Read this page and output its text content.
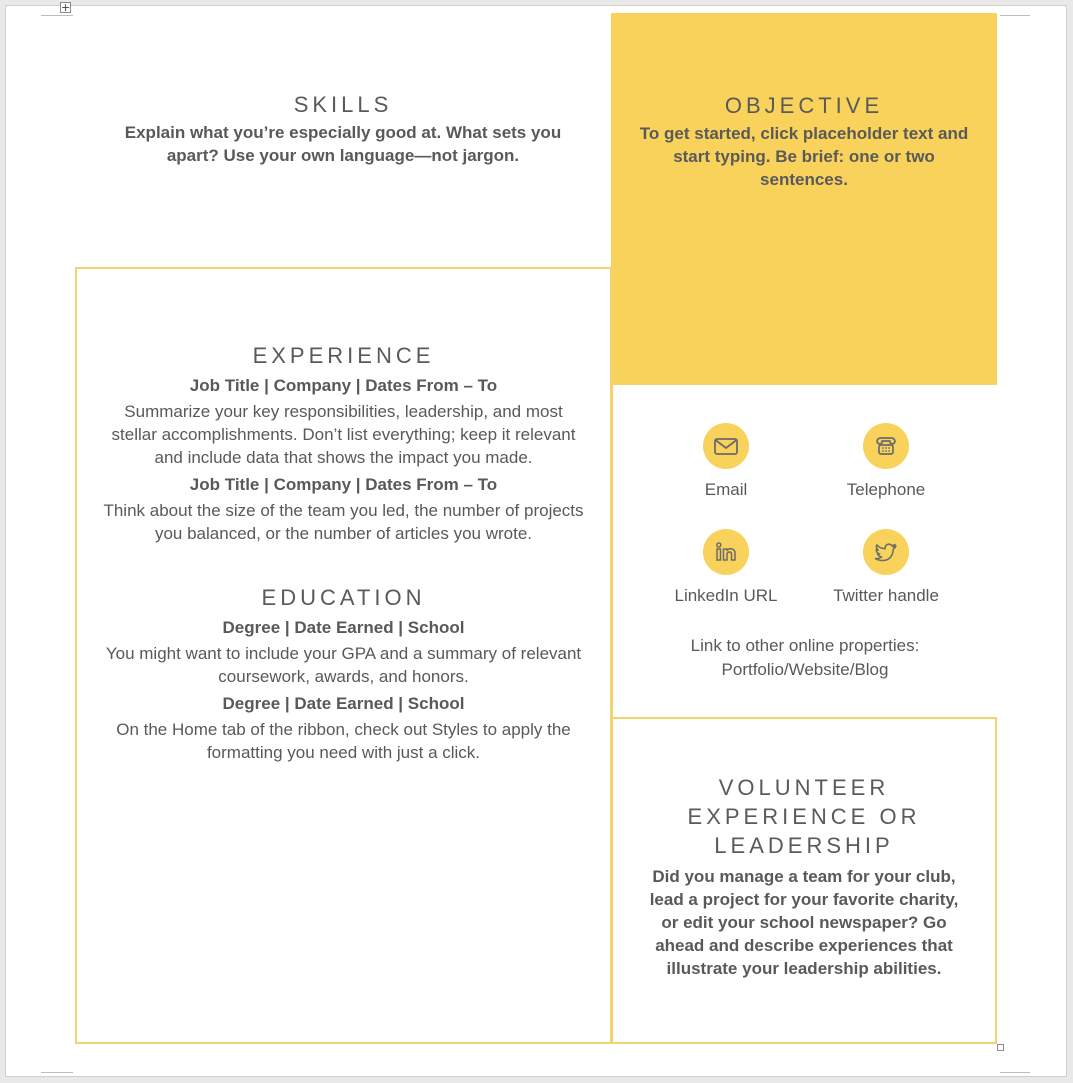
+
SKILLS

Explain what you’re especially good at. What sets you apart? Use your own language—not jargon.

OBJECTIVE

To get started, click placeholder text and start typing. Be brief: one or two sentences.

EXPERIENCE

Job Title | Company | Dates From – To

Summarize your key responsibilities, leadership, and most stellar accomplishments. Don’t list everything; keep it relevant and include data that shows the impact you made.

Job Title | Company | Dates From – To

Think about the size of the team you led, the number of projects you balanced, or the number of articles you wrote.

EDUCATION

Degree | Date Earned | School

You might want to include your GPA and a summary of relevant coursework, awards, and honors.

Degree | Date Earned | School

On the Home tab of the ribbon, check out Styles to apply the formatting you need with just a click.

Email	Telephone
LinkedIn URL	Twitter handle
Link to other online properties:
Portfolio/Website/Blog
VOLUNTEER
EXPERIENCE OR
LEADERSHIP

Did you manage a team for your club, lead a project for your favorite charity, or edit your school newspaper? Go ahead and describe experiences that illustrate your leadership abilities.
